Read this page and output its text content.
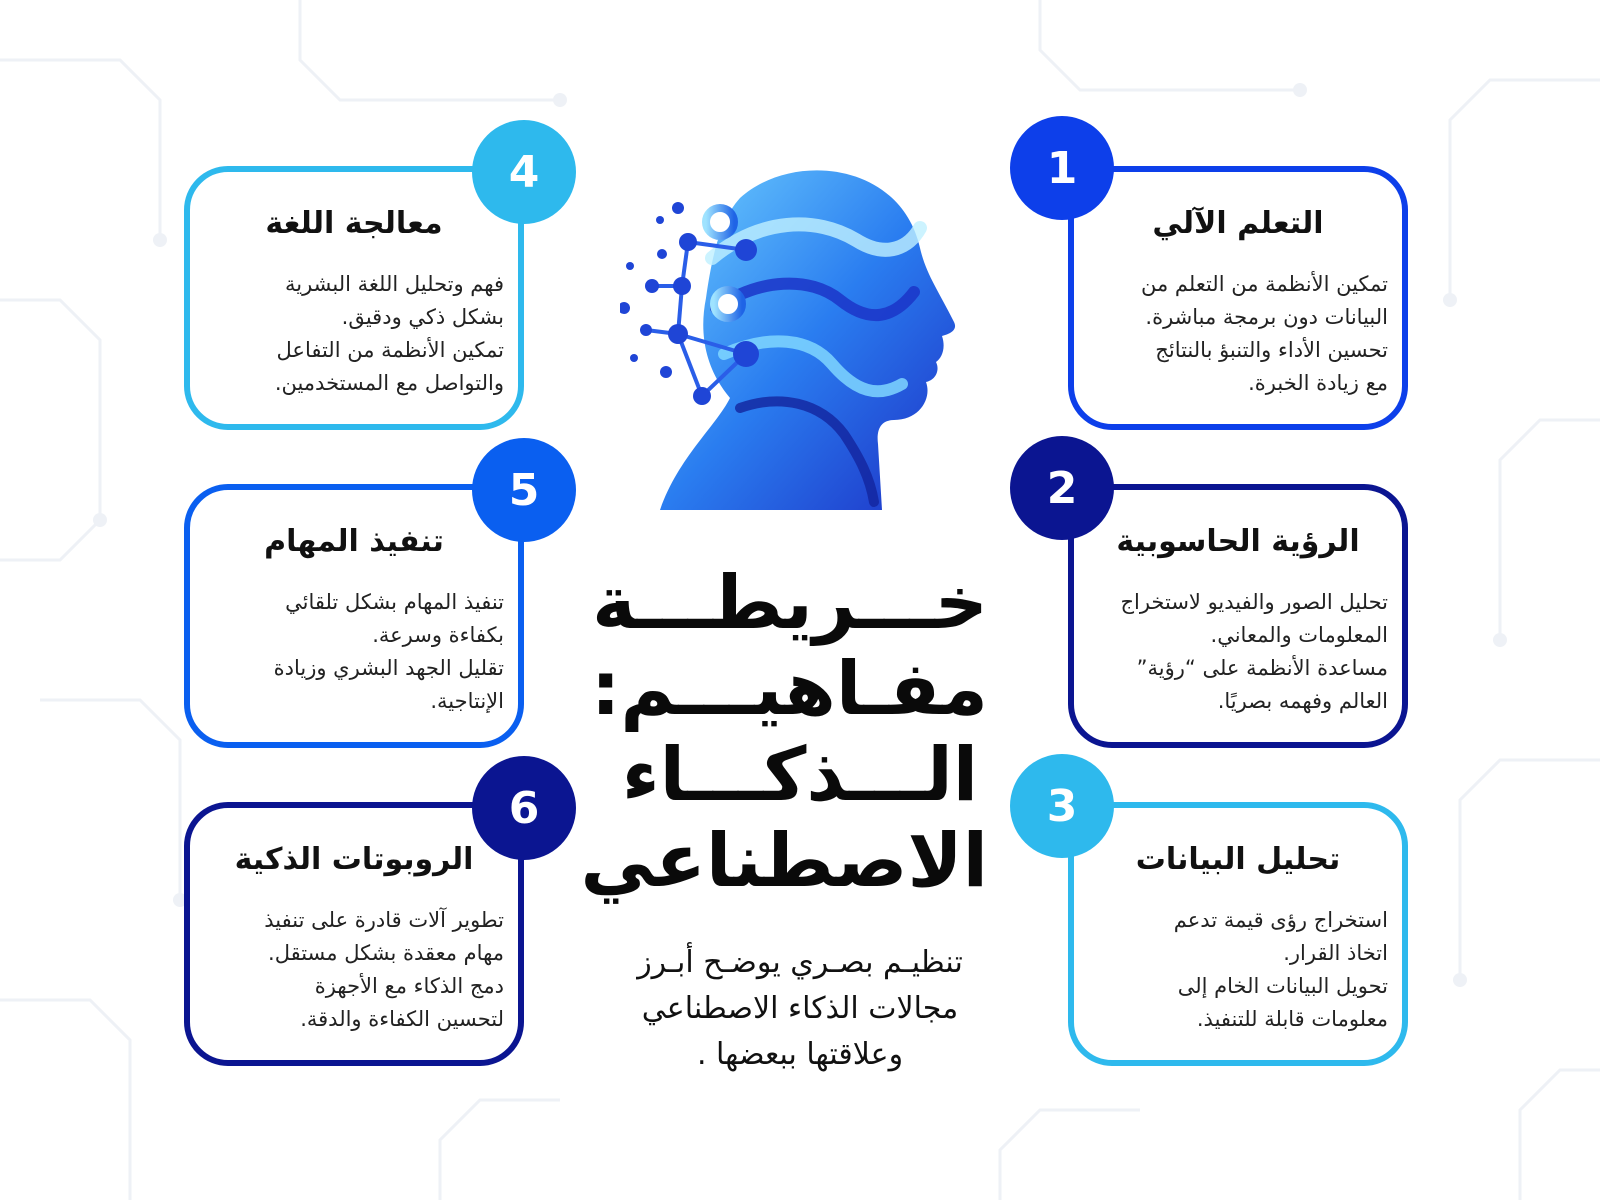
التعلم الآلي

تمكين الأنظمة من التعلم من

البيانات دون برمجة مباشرة.

تحسين الأداء والتنبؤ بالنتائج

مع زيادة الخبرة.

1
الرؤية الحاسوبية

تحليل الصور والفيديو لاستخراج

المعلومات والمعاني.

مساعدة الأنظمة على “رؤية”

العالم وفهمه بصريًا.

2
تحليل البيانات

استخراج رؤى قيمة تدعم

اتخاذ القرار.

تحويل البيانات الخام إلى

معلومات قابلة للتنفيذ.

3
معالجة اللغة

فهم وتحليل اللغة البشرية

بشكل ذكي ودقيق.

تمكين الأنظمة من التفاعل

والتواصل مع المستخدمين.

4
تنفيذ المهام

تنفيذ المهام بشكل تلقائي

بكفاءة وسرعة.

تقليل الجهد البشري وزيادة

الإنتاجية.

5
الروبوتات الذكية

تطوير آلات قادرة على تنفيذ

مهام معقدة بشكل مستقل.

دمج الذكاء مع الأجهزة

لتحسين الكفاءة والدقة.

6
خـــريطـــة
مفـاهيـــم:
الـــذكـــاء
الاصطناعي

تنظيـم بصـري يوضـح أبـرز

مجالات الذكاء الاصطناعي

وعلاقتها ببعضها .
